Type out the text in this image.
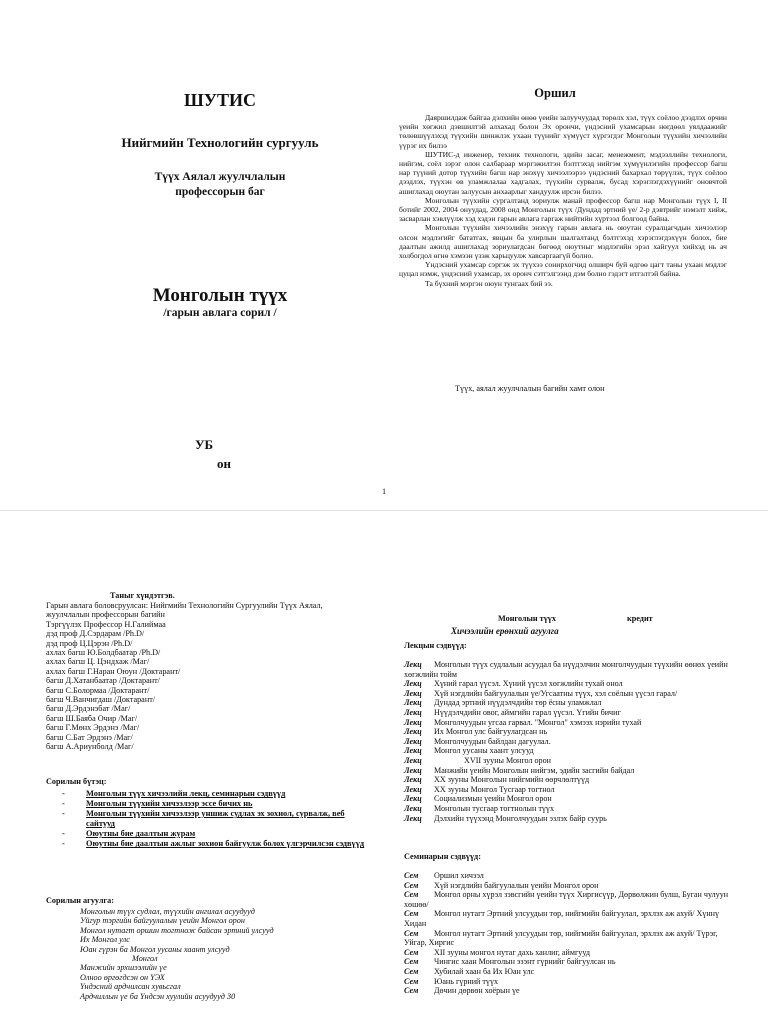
ШУТИС
Нийгмийн Технологийн сургууль
Түүх Аялал жуулчлалын
профессорын баг
Монголын түүх
/гарын авлага сорил /
УБ
он
Оршил

Даяршилдаж байгаа дэлхийн өнөө үеийн залуучуудад төрөлх хэл, түүх соёлоо дээдлэх орчин үеийн хөгжил дэвшилтэй алхахад болон Эх орончи, үндэсний ухамсарын нөгдөөл уялдаажийг төлөвшүүлэхэд түүхийн шинжлэх ухаан түүнийг хүмүүст хүргэгдэг Монголын түүхийн хичээлийн үүрэг их билээ

ШУТИС-д инженер, техник технологи, эдийн засаг, менежмент, мэдээллийн технологи, нийгэм, соёл зэрэг олон салбараар мэргэжилтэн бэлтгэхэд нийгэм хүмүүнлэгийн профессор багш нар түүний дотор түүхийн багш нар энэхүү хичээлээрээ үндэсний бахархал төрүүлэх, түүх соёлоо дээдлэх, түүхэн өв уламжлалаа хадгалах, түүхийн сурвалж, бусад хэрэглэгдэхүүнийг оновчтой ашиглахад оюутан залуусын анхаарлыг хандуулж ирсэн билээ.

Монголын түүхийн сургалтанд зориулж манай профессор багш нар Монголын түүх I, II ботийг 2002, 2004 онуудад, 2008 онд Монголын түүх /Дундад эртний үе/ 2-р дэвтрийг нэмэлт хийж, засварлан хэвлүүлж хэд хэдэн гарын авлага гаргаж нийтийн хүртээл болгоод байна.

Монголын түүхийн хичээлийн энэхүү гарын авлага нь оюутан суралцагчдын хичээлээр олсон мэдлэгийг бататгах, явцын ба улирлын шалгалтанд бэлтгэхэд хэрэглэгдэхүүн болох, бие даалтын ажилд ашиглахад зориулагдсан бөгөөд оюутныг мэдлэгийн эрэл хайгуул хийхэд нь ач холбогдол өгнө хэмээн үзэж харьцуулж хавсаргаагүй болно.

Үндэсний ухамсар сэргэж эх түүхээ сонирхогчид олширч буй өдгөө цагт таны ухаан мэдлэг цуцал нэмж, үндэсний ухамсар, эх оронч сэтгэлгээнд дэм болно гэдэгт итгэлтэй байна.

Та бүхний мэргэн оюун тунгаах бий ээ.

Түүх, аялал жуулчлалын багийн хамт олон
1
Таныг хүндэтгэв.
Гарын авлага боловсруулсан: Нийгмийн Технологийн Сургуулийн Түүх Аялал,
жуулчлалын профессорын багийн
Тэргүүлэх Профессор Н.Галиймаа
дэд проф Д.Сэрдарам /Ph.D/
дэд проф Ц.Цэрэн /Ph.D/
ахлах багш Ю.Болдбаатар /Ph.D/
ахлах багш Ц. Цэндхаж /Маг/
ахлах багш Г.Наран Оюун /Доктарант/
багш Д.Хатанбаатар /Доктарант/
багш С.Болормаа /Доктарант/
багш Ч.Ванчигдаш /Доктарант/
багш Д.Эрдэнэбат /Маг/
багш Ш.Баяба Очир /Маг/
багш Г.Мөнх Эрдэнэ /Маг/
багш С.Бат Эрдэнэ /Маг/
багш А.Ариунболд /Маг/
Сорилын бүтэц:
- Монголын түүх хичээлийн лекц, семинарын сэдвүүд
- Монголын түүхийн хичээлээр эссе бичих нь
- Монголын түүхийн хичээлээр уншиж судлах эх зохиол, сурвалж, веб сайтууд
- Оюутны бие даалтын журам
- Оюутны бие даалтын ажлыг зохион байгуулж болох үлгэрчилсэн сэдвүүд
Сорилын агуулга:
Монголын түүх судлал, түүхийн ангилал асуудууд
Уйгур тэргийн байгуулалын үеийн Монгол орон
Монгол нутагт оршин тогтнож байсан эртний улсууд
Их Монгол улс
Юан гүрэн ба Монгол уусаны хаант улсууд
Монгол
Манжийн эрхшээлийн үе
Олноо өргөгдсэн он ҮЭХ
Үндэсний ардчилсан хувьсгал
Ардчиллын үе ба Үндсэн хуулийн асуудууд 30
Монголын түүх	кредит
Хичээлийн ерөнхий агуулга
Лекцын сэдвүүд:
Лекц Монголын түүх судлалын асуудал ба нүүдэлчин монголчуудын түүхийн өөнөх үеийн хөгжлийн тойм
Лекц	Хүний гарал үүсэл. Хүний үүсэл хөгжлийн тухай онол
Лекц	Хүй нэгдлийн байгуулалын үе/Угсаатны түүх, хэл соёлын үүсэл гарал/
Лекц	Дундад эртний нүүдэлчдийн төр ёсны уламжлал
Лекц	Нүүдэлчдийн овог, аймгийн гарал үүсэл. Үгийн бичиг
Лекц	Монголчуудын угсаа гарвал. "Монгол" хэмээх нэрийн тухай
Лекц	Их Монгол улс байгуулагдсан нь
Лекц	Монголчуудын байлдан дагуулал.
Лекц	Монгол уусаны хаант улсууд
Лекц	XVII зууны Монгол орон
Лекц	Манжийн үеийн Монголын нийгэм, эдийн засгийн байдал
Лекц	XX зууны Монголын нийгмийн өөрчлөлтүүд
Лекц	XX зууны Монгол Тусгаар тогтнол
Лекц	Социализмын үеийн Монгол орон
Лекц	Монголын тусгаар тогтнолын түүх
Лекц	Дэлхийн түүхэнд Монголчуудын эзлэх байр суурь
Семинарын сэдвүүд:
Сем	Оршил хичээл
Сем	Хүй нэгдлийн байгуулалын үеийн Монгол орон
Сем Монгол орны хүрэл зэвсгийн үеийн түүх Хиргисүүр, Дөрвөлжин булш, Буган чулуун хөшөө/
Сем Монгол нутагт Эртний улсуудын төр, нийгмийн байгуулал, эрхлэх аж ахуй/ Хүннү Хидан
Сем Монгол нутагт Эртний улсуудын төр, нийгмийн байгуулал, эрхлэх аж ахуй/ Түрэг, Уйгар, Хиргис
Сем	XII зууны монгол нутаг дахь ханлиг, аймгууд
Сем	Чингис хаан Монголын эзэнт гүрнийг байгуулсан нь
Сем	Хубилай хаан ба Их Юан улс
Сем	Юань гүрний түүх
Сем	Дөчин дөрвөн хоёрын үе
